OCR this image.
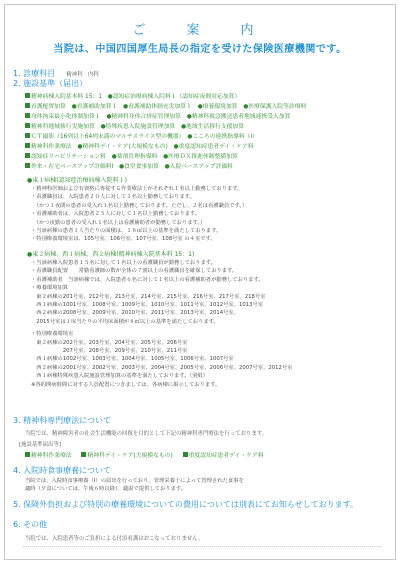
ご　案　内
当院は、中国四国厚生局長の指定を受けた保険医療機関です。
1. 診療科目 精神科　内科
2. 施設基準（届出）
精神病棟入院基本料 15：1　●認知症治療病棟入院料１（認知症夜間対応加算）
看護配置加算　●看護補助加算１　●看護補助体制充実加算１　●療養環境加算　●医療保護入院等診療料
身体拘束最小化体制加算１　●精神科身体合併症管理加算　●精神科救急搬送患者地域連携受入加算
精神科地域移行実施加算　●特殊疾患入院施設管理加算　●地域生活移行支援加算
ＣＴ撮影（16列以上64列未満のマルチスライス型の機器）　●こころの連携指導料（Ⅰ）
精神科作業療法　●精神科デイ・ケア(大規模なもの)　●重度認知症患者デイ・ケア料
認知症リハビリテーション料　●薬剤管理指導料　●医療ＤＸ推進体制整備加算
外来・在宅ベースアップ評価料Ⅰ　●食堂食事加算　●入院ベースアップ評価料
●東１病棟(認知症治療病棟入院料１)
・精神科医師および有資格に専従する作業療法士がそれぞれ１名以上勤務しております。
・看護職員は、入院患者２０人に対して１名以上勤務しております。
　（かつ１夜間の患者の受入れ１名以上勤務しております。ただし、２名は看護職員です。）
・看護補助者は、入院患者２５人に対して１名以上勤務しております。
　（かつ夜勤の患者の受入れ１名以上は看護補助者が勤務しております。）
・当該病棟の患者１人当たりの面積は、１８㎡以上の基準を満たしております。
・特別療養環境室は、105号室、106号室、107号室、108号室 の４室です。
●東２病棟、西１病棟、西２病棟(精神病棟入院基本料 15：1)
・当該病棟入院患者１５名に対して１名以上の看護職員が勤務しております。
・看護職員配置　　常勤看護師の数が全体の７割以上の看護職員を確保しております。
・看護補助者　当該病棟では、入院患者６名に対して１名以上の看護補助者が勤務しております。
・療養環境加算
　東２病棟の201号室、212号室、213号室、214号室、215号室、216号室、217号室、218号室
　西１病棟の1001号室、1008号室、1009号室、1010号室、1011号室、1012号室、1013号室
　西２病棟の2008号室、2009号室、2010号室、2011号室、2013号室、2014号室、
　2015号室は１床当たりの平均床面積が８㎡以上の基準を満たしております。
・特別療養環境室
　東２病棟の202号室、203号室、204号室、205号室、206号室
　　　　　　207号室、208号室、209号室、210号室、211号室
　西１病棟の1002号室、1003号室、1004号室、1005号室、1006号室、1007号室
　西２病棟の2001号室、2002号室、2003号室、2004号室、2005号室、2006号室、2007号室、2012号室
　西１病棟特殊疾患入院施設管理加算の基準を満たしております。（別紙）
※各的開病時間に対する人員配置につきましては、各病棟に掲示しております。
3. 精神科専門療法について
当院では、精神障害者の社会生活機能の回復を目的として下記の精神科専門療法を行っております。
[施設基準届出等]
精神科作業療法	精神科デイ・ケア(大規模なもの)	重度認知症患者デイ・ケア料
4. 入院時食事療養について
当院では、入院時食事療養（Ⅰ）の届出を行っており、管理栄養士によって管理された食事を
適時（夕食については、午後６時以降）、適温で提供しております。
5. 保険外負担および特別の療養環境についての費用については別表にてお知らせしております。
6. その他
当院では、入院患者等のご負担による付添看護はおこなっておりません。
